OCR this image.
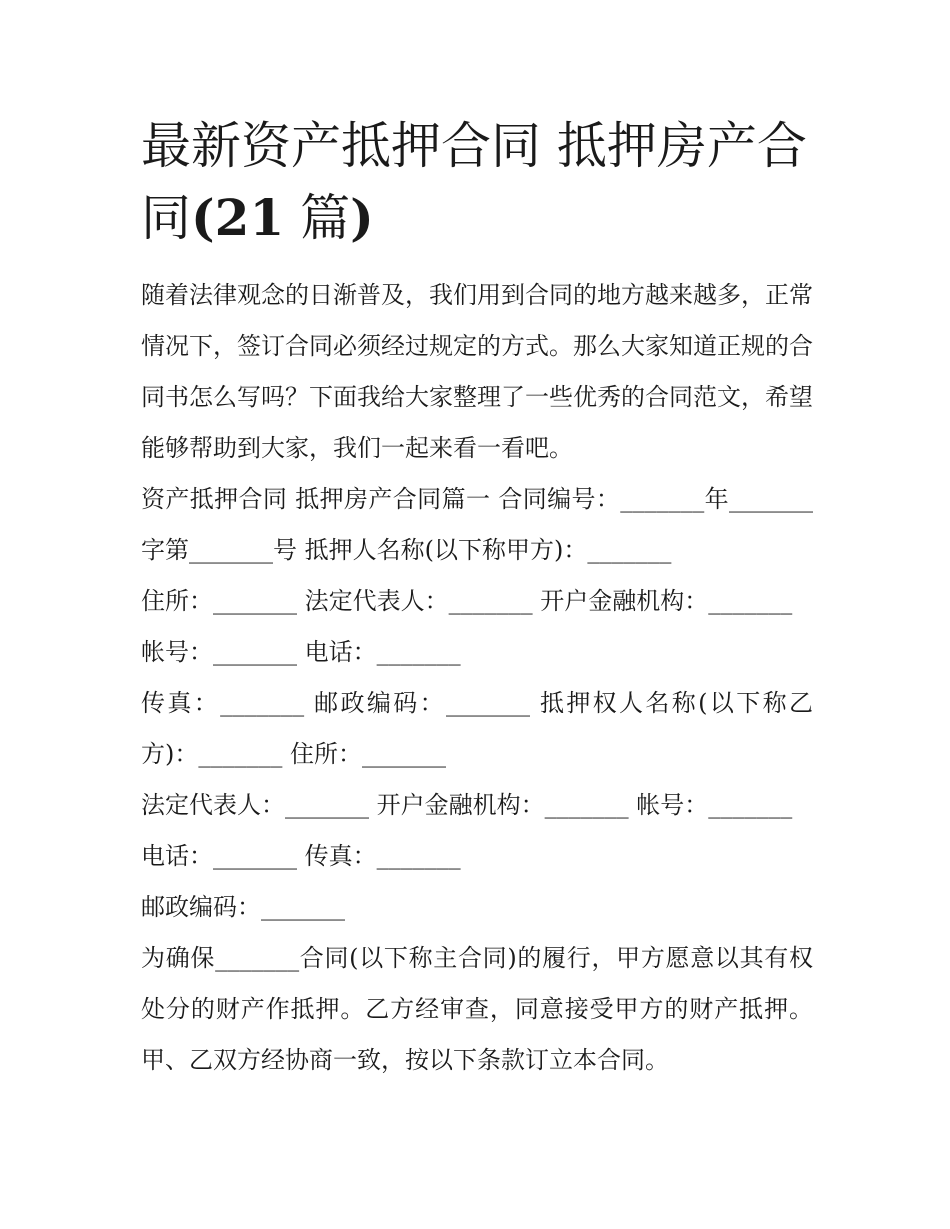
最新资产抵押合同 抵押房产合
同(21 篇)

随着法律观念的日渐普及，我们用到合同的地方越来越多，正常情况下，签订合同必须经过规定的方式。那么大家知道正规的合同书怎么写吗？下面我给大家整理了一些优秀的合同范文，希望能够帮助到大家，我们一起来看一看吧。

资产抵押合同 抵押房产合同篇一 合同编号：_______年_______字第_______号 抵押人名称(以下称甲方)：_______

住所：_______ 法定代表人：_______ 开户金融机构：_______

帐号：_______ 电话：_______

传真：_______ 邮政编码：_______ 抵押权人名称(以下称乙方)：_______ 住所：_______

法定代表人：_______ 开户金融机构：_______ 帐号：_______

电话：_______ 传真：_______

邮政编码：_______

为确保_______合同(以下称主合同)的履行，甲方愿意以其有权处分的财产作抵押。乙方经审查，同意接受甲方的财产抵押。甲、乙双方经协商一致，按以下条款订立本合同。
